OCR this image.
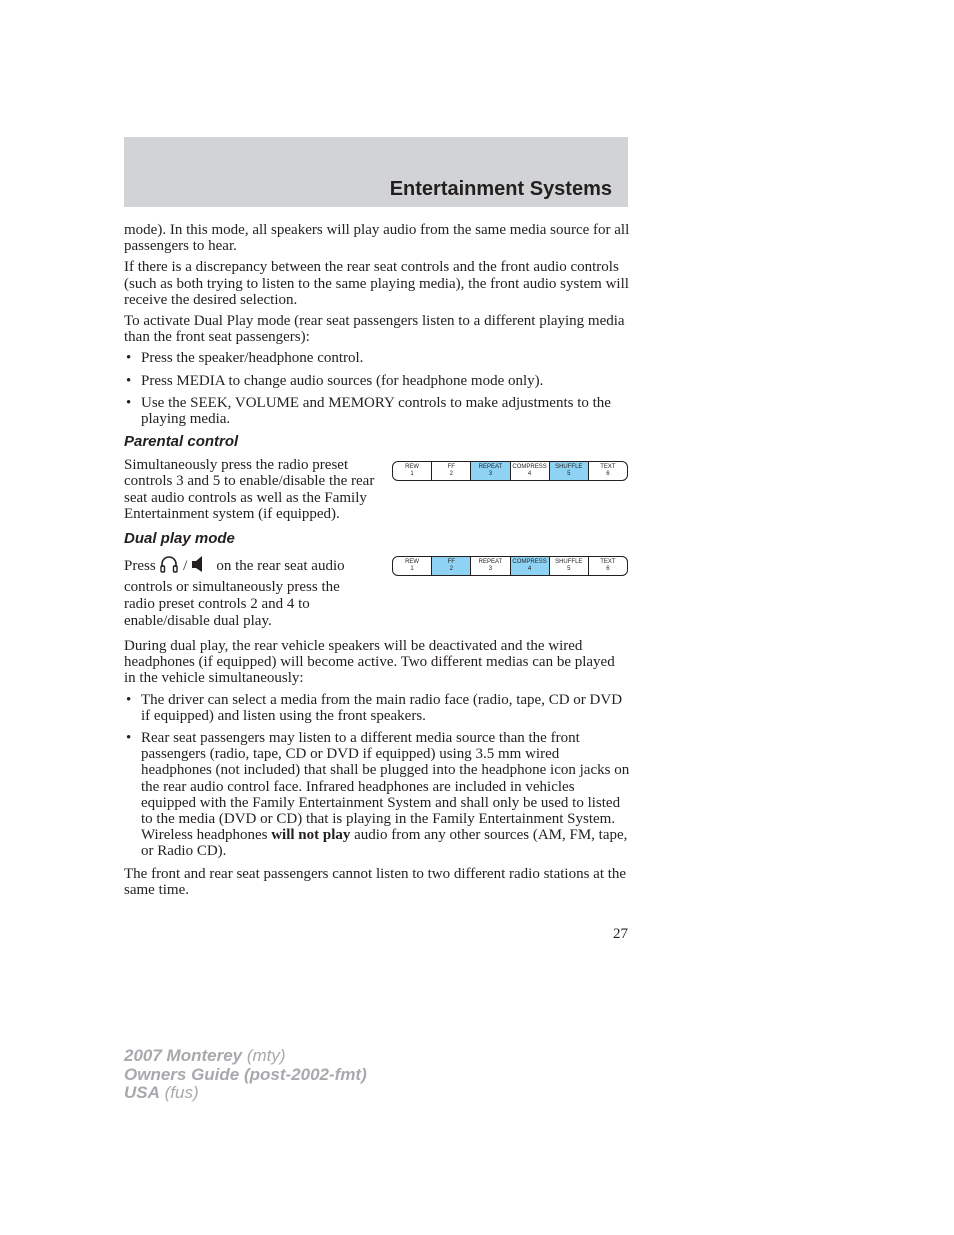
Entertainment Systems

mode). In this mode, all speakers will play audio from the same media source for all passengers to hear.

If there is a discrepancy between the rear seat controls and the front audio controls (such as both trying to listen to the same playing media), the front audio system will receive the desired selection.

To activate Dual Play mode (rear seat passengers listen to a different playing media than the front seat passengers):

• Press the speaker/headphone control.
• Press MEDIA to change audio sources (for headphone mode only).
• Use the SEEK, VOLUME and MEMORY controls to make adjustments to the playing media.
Parental control
REW
1
FF
2
REPEAT
3
COMPRESS
4
SHUFFLE
5
TEXT
6

Simultaneously press the radio preset controls 3 and 5 to enable/disable the rear seat audio controls as well as the Family Entertainment system (if equipped).

Dual play mode
REW
1
FF
2
REPEAT
3
COMPRESS
4
SHUFFLE
5
TEXT
6

Press / on the rear seat audio controls or simultaneously press the radio preset controls 2 and 4 to enable/disable dual play.

During dual play, the rear vehicle speakers will be deactivated and the wired headphones (if equipped) will become active. Two different medias can be played in the vehicle simultaneously:

• The driver can select a media from the main radio face (radio, tape, CD or DVD if equipped) and listen using the front speakers.
• Rear seat passengers may listen to a different media source than the front passengers (radio, tape, CD or DVD if equipped) using 3.5 mm wired headphones (not included) that shall be plugged into the headphone icon jacks on the rear audio control face. Infrared headphones are included in vehicles equipped with the Family Entertainment System and shall only be used to listed to the media (DVD or CD) that is playing in the Family Entertainment System. Wireless headphones will not play audio from any other sources (AM, FM, tape, or Radio CD).

The front and rear seat passengers cannot listen to two different radio stations at the same time.

27
2007 Monterey (mty)
Owners Guide (post-2002-fmt)
USA (fus)
